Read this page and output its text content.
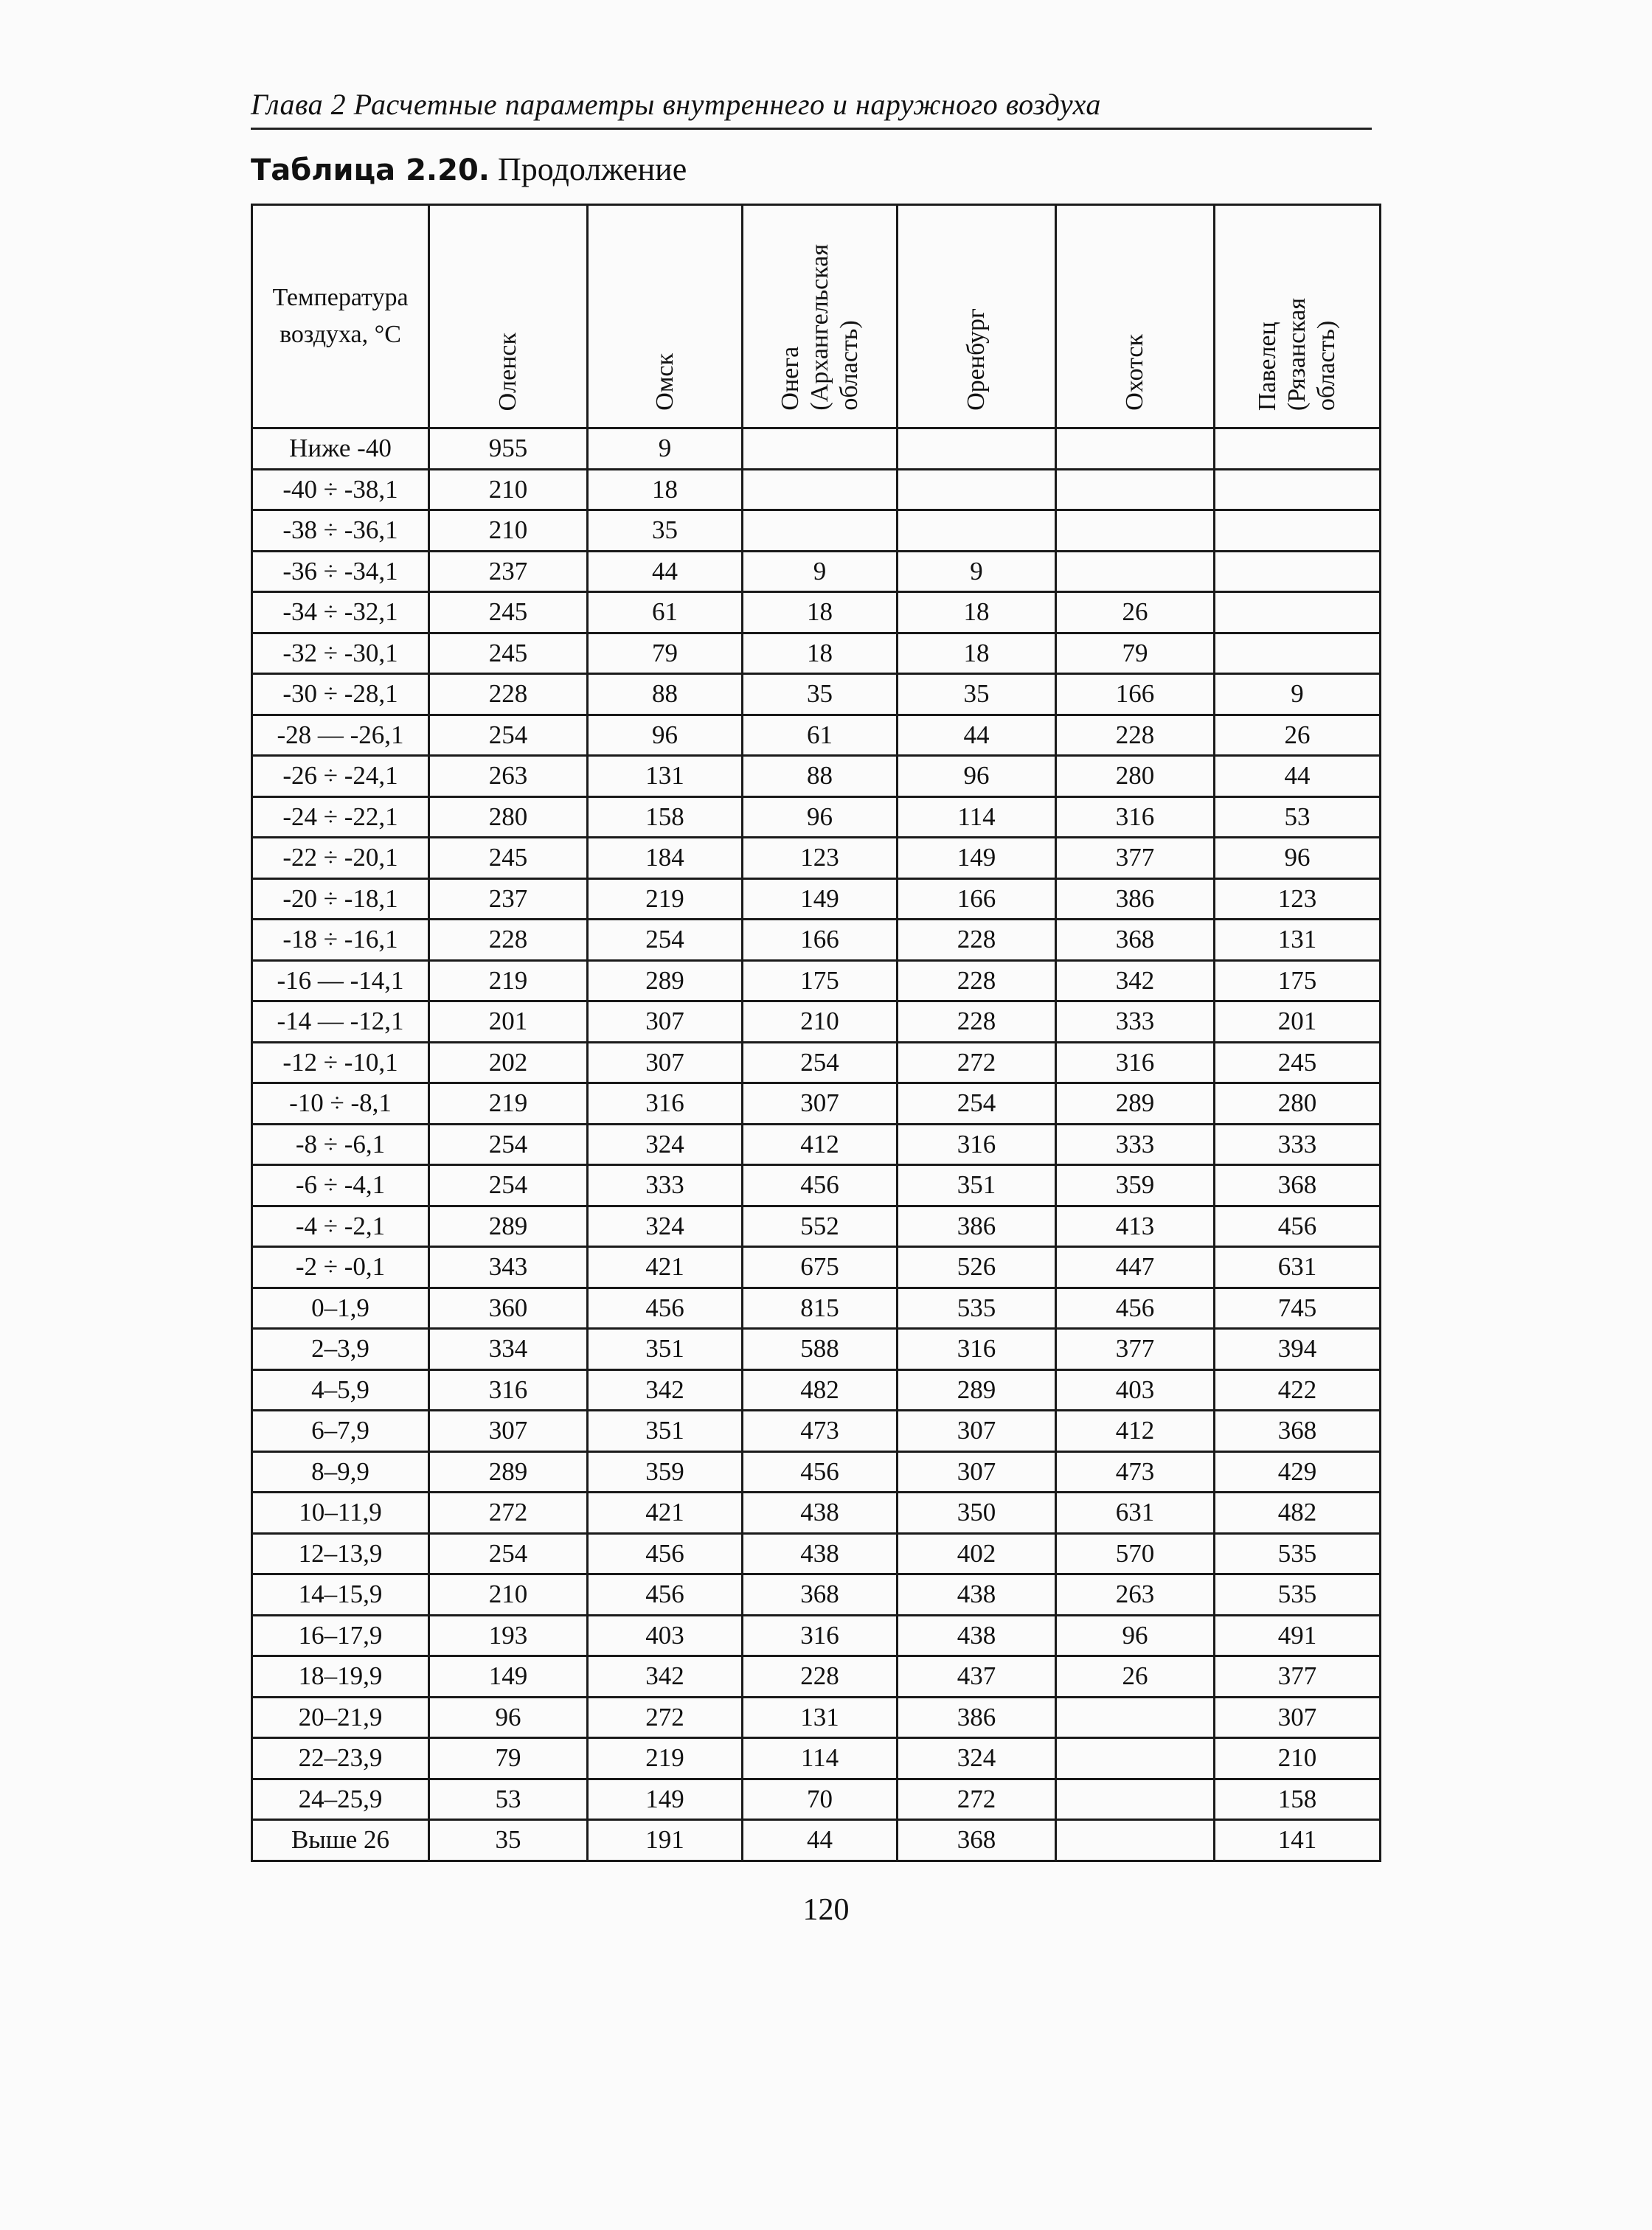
Глава 2 Расчетные параметры внутреннего и наружного воздуха
Таблица 2.20. Продолжение
Температура воздуха, °С	Оленск	Омск	Онега
(Архангельская
область)	Оренбург	Охотск	Павелец
(Рязанская
область)
Ниже -40	955	9				
-40 ÷ -38,1	210	18				
-38 ÷ -36,1	210	35				
-36 ÷ -34,1	237	44	9	9		
-34 ÷ -32,1	245	61	18	18	26	
-32 ÷ -30,1	245	79	18	18	79	
-30 ÷ -28,1	228	88	35	35	166	9
-28 — -26,1	254	96	61	44	228	26
-26 ÷ -24,1	263	131	88	96	280	44
-24 ÷ -22,1	280	158	96	114	316	53
-22 ÷ -20,1	245	184	123	149	377	96
-20 ÷ -18,1	237	219	149	166	386	123
-18 ÷ -16,1	228	254	166	228	368	131
-16 — -14,1	219	289	175	228	342	175
-14 — -12,1	201	307	210	228	333	201
-12 ÷ -10,1	202	307	254	272	316	245
-10 ÷ -8,1	219	316	307	254	289	280
-8 ÷ -6,1	254	324	412	316	333	333
-6 ÷ -4,1	254	333	456	351	359	368
-4 ÷ -2,1	289	324	552	386	413	456
-2 ÷ -0,1	343	421	675	526	447	631
0–1,9	360	456	815	535	456	745
2–3,9	334	351	588	316	377	394
4–5,9	316	342	482	289	403	422
6–7,9	307	351	473	307	412	368
8–9,9	289	359	456	307	473	429
10–11,9	272	421	438	350	631	482
12–13,9	254	456	438	402	570	535
14–15,9	210	456	368	438	263	535
16–17,9	193	403	316	438	96	491
18–19,9	149	342	228	437	26	377
20–21,9	96	272	131	386		307
22–23,9	79	219	114	324		210
24–25,9	53	149	70	272		158
Выше 26	35	191	44	368		141
120
